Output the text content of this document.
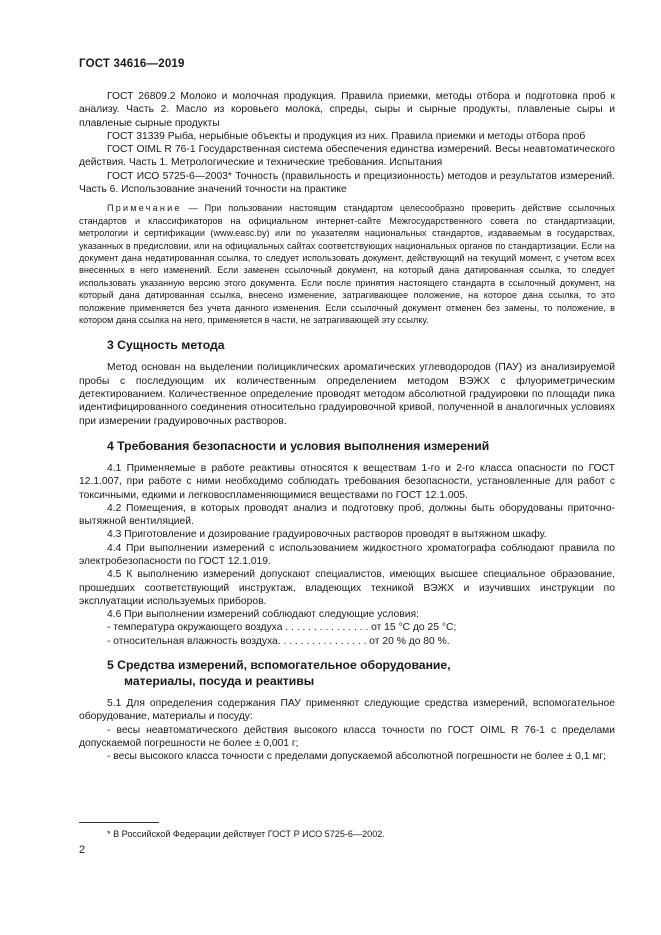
ГОСТ 34616—2019

ГОСТ 26809.2 Молоко и молочная продукция. Правила приемки, методы отбора и подготовка проб к анализу. Часть 2. Масло из коровьего молока, спреды, сыры и сырные продукты, плавленые сыры и плавленые сырные продукты

ГОСТ 31339 Рыба, нерыбные объекты и продукция из них. Правила приемки и методы отбора проб

ГОСТ OIML R 76-1 Государственная система обеспечения единства измерений. Весы неавтоматического действия. Часть 1. Метрологические и технические требования. Испытания

ГОСТ ИСО 5725-6—2003* Точность (правильность и прецизионность) методов и результатов измерений. Часть 6. Использование значений точности на практике

Примечание — При пользовании настоящим стандартом целесообразно проверить действие ссылочных стандартов и классификаторов на официальном интернет-сайте Межгосударственного совета по стандартизации, метрологии и сертификации (www.easc.by) или по указателям национальных стандартов, издаваемым в государствах, указанных в предисловии, или на официальных сайтах соответствующих национальных органов по стандартизации. Если на документ дана недатированная ссылка, то следует использовать документ, действующий на текущий момент, с учетом всех внесенных в него изменений. Если заменен ссылочный документ, на который дана датированная ссылка, то следует использовать указанную версию этого документа. Если после принятия настоящего стандарта в ссылочный документ, на который дана датированная ссылка, внесено изменение, затрагивающее положение, на которое дана ссылка, то это положение применяется без учета данного изменения. Если ссылочный документ отменен без замены, то положение, в котором дана ссылка на него, применяется в части, не затрагивающей эту ссылку.

3 Сущность метода

Метод основан на выделении полициклических ароматических углеводородов (ПАУ) из анализируемой пробы с последующим их количественным определением методом ВЭЖХ с флуориметрическим детектированием. Количественное определение проводят методом абсолютной градуировки по площади пика идентифицированного соединения относительно градуировочной кривой, полученной в аналогичных условиях при измерении градуировочных растворов.

4 Требования безопасности и условия выполнения измерений

4.1 Применяемые в работе реактивы относятся к веществам 1-го и 2-го класса опасности по ГОСТ 12.1.007, при работе с ними необходимо соблюдать требования безопасности, установленные для работ с токсичными, едкими и легковоспламеняющимися веществами по ГОСТ 12.1.005.

4.2 Помещения, в которых проводят анализ и подготовку проб, должны быть оборудованы приточно-вытяжной вентиляцией.

4.3 Приготовление и дозирование градуировочных растворов проводят в вытяжном шкафу.

4.4 При выполнении измерений с использованием жидкостного хроматографа соблюдают правила по электробезопасности по ГОСТ 12.1.019.

4.5 К выполнению измерений допускают специалистов, имеющих высшее специальное образование, прошедших соответствующий инструктаж, владеющих техникой ВЭЖХ и изучивших инструкции по эксплуатации используемых приборов.

4.6 При выполнении измерений соблюдают следующие условия:

- температура окружающего воздуха . . . . . . . . . . . . . . . от 15 °С до 25 °С;

- относительная влажность воздуха. . . . . . . . . . . . . . . . от 20 % до 80 %.

5 Средства измерений, вспомогательное оборудование,
материалы, посуда и реактивы

5.1 Для определения содержания ПАУ применяют следующие средства измерений, вспомогательное оборудование, материалы и посуду:

- весы неавтоматического действия высокого класса точности по ГОСТ OIML R 76-1 с пределами допускаемой погрешности не более ± 0,001 г;

- весы высокого класса точности с пределами допускаемой абсолютной погрешности не более ± 0,1 мг;

* В Российской Федерации действует ГОСТ Р ИСО 5725-6—2002.
2
